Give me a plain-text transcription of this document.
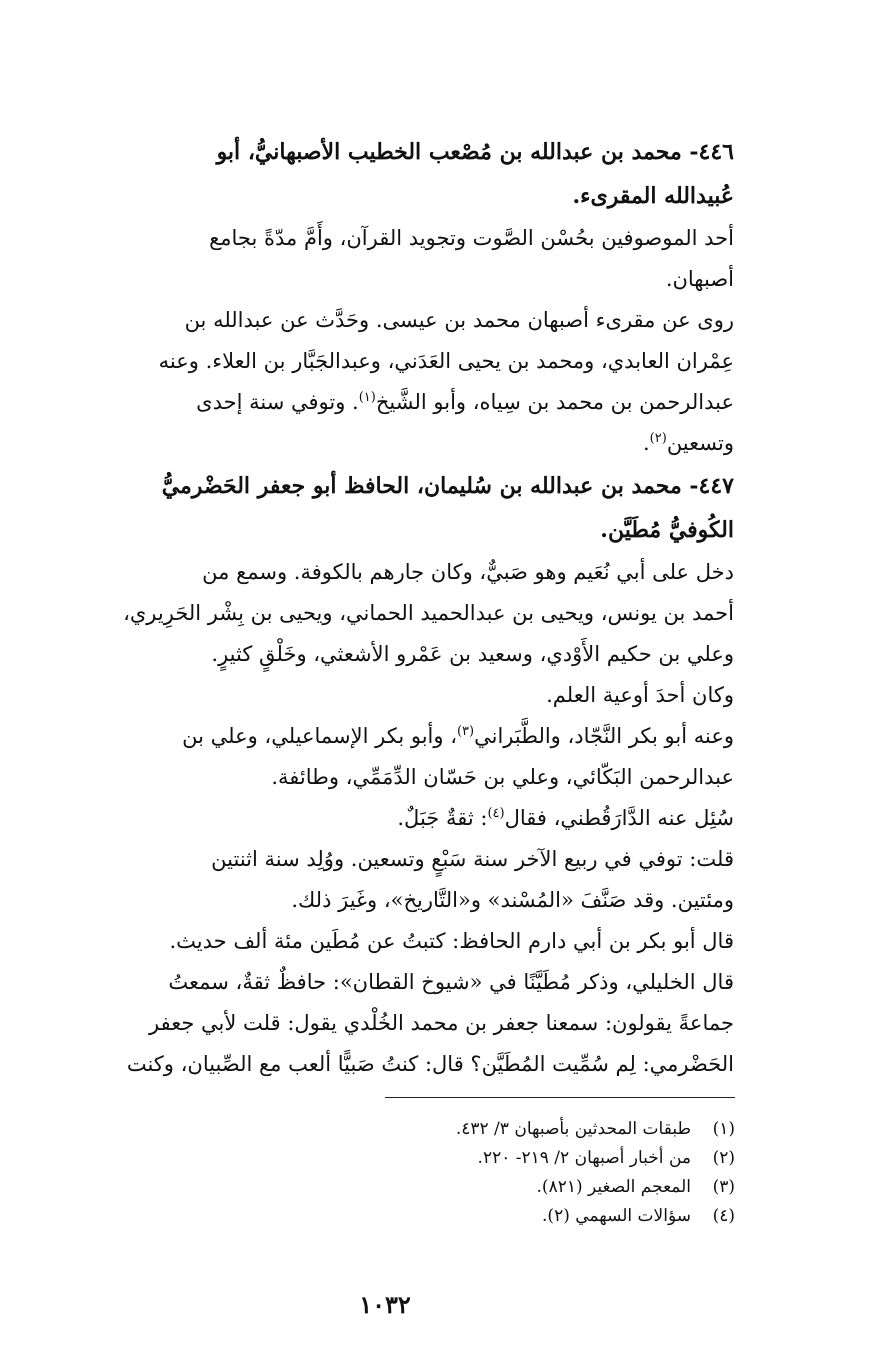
٤٤٦- محمد بن عبدالله بن مُصْعب الخطيب الأصبهانيُّ، أبو

عُبيدالله المقرىء.

أحد الموصوفين بحُسْن الصَّوت وتجويد القرآن، وأَمَّ مدّةً بجامع

أصبهان.

روى عن مقرىء أصبهان محمد بن عيسى. وحَدَّث عن عبدالله بن

عِمْران العابدي، ومحمد بن يحيى العَدَني، وعبدالجَبَّار بن العلاء. وعنه

عبدالرحمن بن محمد بن سِياه، وأبو الشَّيخ$^{(١)}$. وتوفي سنة إحدى

وتسعين$^{(٢)}$.

٤٤٧- محمد بن عبدالله بن سُليمان، الحافظ أبو جعفر الحَضْرميُّ

الكُوفيُّ مُطَيَّن.

دخل على أبي نُعَيم وهو صَبيٌّ، وكان جارهم بالكوفة. وسمع من

أحمد بن يونس، ويحيى بن عبدالحميد الحماني، ويحيى بن بِشْر الحَرِيري،

وعلي بن حكيم الأَوْدي، وسعيد بن عَمْرو الأشعثي، وخَلْقٍ كثيرٍ.

وكان أحدَ أوعية العلم.

وعنه أبو بكر النَّجّاد، والطَّبَراني$^{(٣)}$، وأبو بكر الإسماعيلي، وعلي بن

عبدالرحمن البَكّائي، وعلي بن حَسّان الدِّمَمِّي، وطائفة.

سُئِل عنه الدَّارَقُطني، فقال$^{(٤)}$: ثقةٌ جَبَلٌ.

قلت: توفي في ربيع الآخر سنة سَبْعٍ وتسعين. ووُلِد سنة اثنتين

ومئتين. وقد صَنَّفَ «المُسْند» و«التَّاريخ»، وغَيرَ ذلك.

قال أبو بكر بن أبي دارم الحافظ: كتبتُ عن مُطَين مئة ألف حديث.

قال الخليلي، وذكر مُطَيَّنًا في «شيوخ القطان»: حافظٌ ثقةٌ، سمعتُ

جماعةً يقولون: سمعنا جعفر بن محمد الخُلْدي يقول: قلت لأبي جعفر

الحَضْرمي: لِم سُمِّيت المُطَيَّن؟ قال: كنتُ صَبيًّا ألعب مع الصِّبيان، وكنت

(١)طبقات المحدثين بأصبهان ٣/ ٤٣٢.

(٢)من أخبار أصبهان ٢/ ٢١٩- ٢٢٠.

(٣)المعجم الصغير (٨٢١).

(٤)سؤالات السهمي (٢).

١٠٣٢
